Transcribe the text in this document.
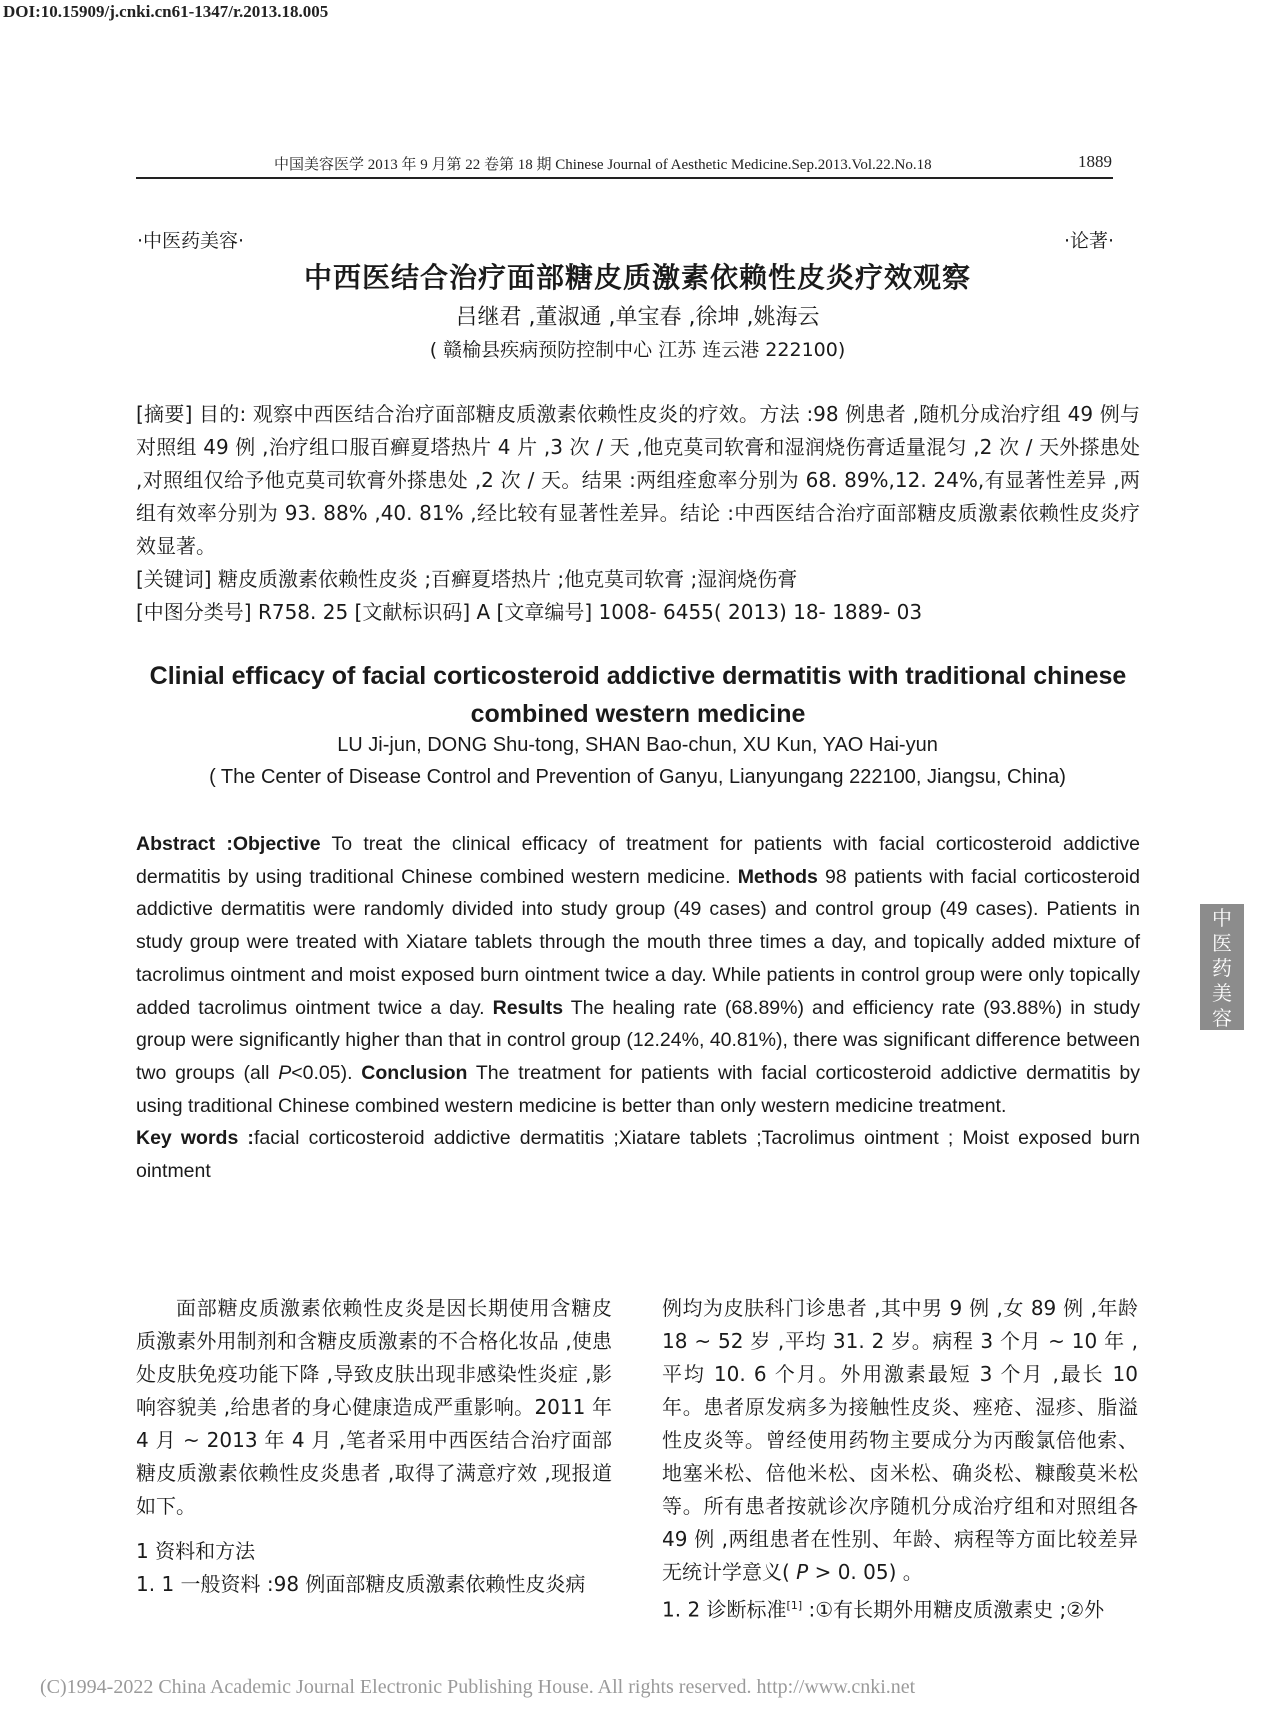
DOI:10.15909/j.cnki.cn61-1347/r.2013.18.005
中国美容医学 2013 年 9 月第 22 卷第 18 期 Chinese Journal of Aesthetic Medicine.Sep.2013.Vol.22.No.18	1889
·中医药美容·	·论著·
中西医结合治疗面部糖皮质激素依赖性皮炎疗效观察
吕继君 ,董淑通 ,单宝春 ,徐坤 ,姚海云
( 赣榆县疾病预防控制中心 江苏 连云港 222100)

[摘要] 目的: 观察中西医结合治疗面部糖皮质激素依赖性皮炎的疗效。方法 :98 例患者 ,随机分成治疗组 49 例与对照组 49 例 ,治疗组口服百癣夏塔热片 4 片 ,3 次 / 天 ,他克莫司软膏和湿润烧伤膏适量混匀 ,2 次 / 天外搽患处 ,对照组仅给予他克莫司软膏外搽患处 ,2 次 / 天。结果 :两组痊愈率分别为 68. 89%,12. 24%,有显著性差异 ,两组有效率分别为 93. 88% ,40. 81% ,经比较有显著性差异。结论 :中西医结合治疗面部糖皮质激素依赖性皮炎疗效显著。

[关键词] 糖皮质激素依赖性皮炎 ;百癣夏塔热片 ;他克莫司软膏 ;湿润烧伤膏

[中图分类号] R758. 25 [文献标识码] A [文章编号] 1008- 6455( 2013) 18- 1889- 03

Clinial efficacy of facial corticosteroid addictive dermatitis with traditional chinese combined western medicine
LU Ji-jun, DONG Shu-tong, SHAN Bao-chun, XU Kun, YAO Hai-yun
( The Center of Disease Control and Prevention of Ganyu, Lianyungang 222100, Jiangsu, China)

Abstract :Objective To treat the clinical efficacy of treatment for patients with facial corticosteroid addictive dermatitis by using traditional Chinese combined western medicine. Methods 98 patients with facial corticosteroid addictive dermatitis were randomly divided into study group (49 cases) and control group (49 cases). Patients in study group were treated with Xiatare tablets through the mouth three times a day, and topically added mixture of tacrolimus ointment and moist exposed burn ointment twice a day. While patients in control group were only topically added tacrolimus ointment twice a day. Results The healing rate (68.89%) and efficiency rate (93.88%) in study group were significantly higher than that in control group (12.24%, 40.81%), there was significant difference between two groups (all P<0.05). Conclusion The treatment for patients with facial corticosteroid addictive dermatitis by using traditional Chinese combined western medicine is better than only western medicine treatment.

Key words :facial corticosteroid addictive dermatitis ;Xiatare tablets ;Tacrolimus ointment ; Moist exposed burn ointment

面部糖皮质激素依赖性皮炎是因长期使用含糖皮质激素外用制剂和含糖皮质激素的不合格化妆品 ,使患处皮肤免疫功能下降 ,导致皮肤出现非感染性炎症 ,影响容貌美 ,给患者的身心健康造成严重影响。2011 年 4 月 ~ 2013 年 4 月 ,笔者采用中西医结合治疗面部糖皮质激素依赖性皮炎患者 ,取得了满意疗效 ,现报道如下。

1 资料和方法

1. 1 一般资料 :98 例面部糖皮质激素依赖性皮炎病

例均为皮肤科门诊患者 ,其中男 9 例 ,女 89 例 ,年龄 18 ~ 52 岁 ,平均 31. 2 岁。病程 3 个月 ~ 10 年 ,平均 10. 6 个月。外用激素最短 3 个月 ,最长 10 年。患者原发病多为接触性皮炎、痤疮、湿疹、脂溢性皮炎等。曾经使用药物主要成分为丙酸氯倍他索、地塞米松、倍他米松、卤米松、确炎松、糠酸莫米松等。所有患者按就诊次序随机分成治疗组和对照组各 49 例 ,两组患者在性别、年龄、病程等方面比较差异无统计学意义( P > 0. 05) 。

1. 2 诊断标准[1] :①有长期外用糖皮质激素史 ;②外

中
医
药
美
容
(C)1994-2022 China Academic Journal Electronic Publishing House. All rights reserved. http://www.cnki.net
